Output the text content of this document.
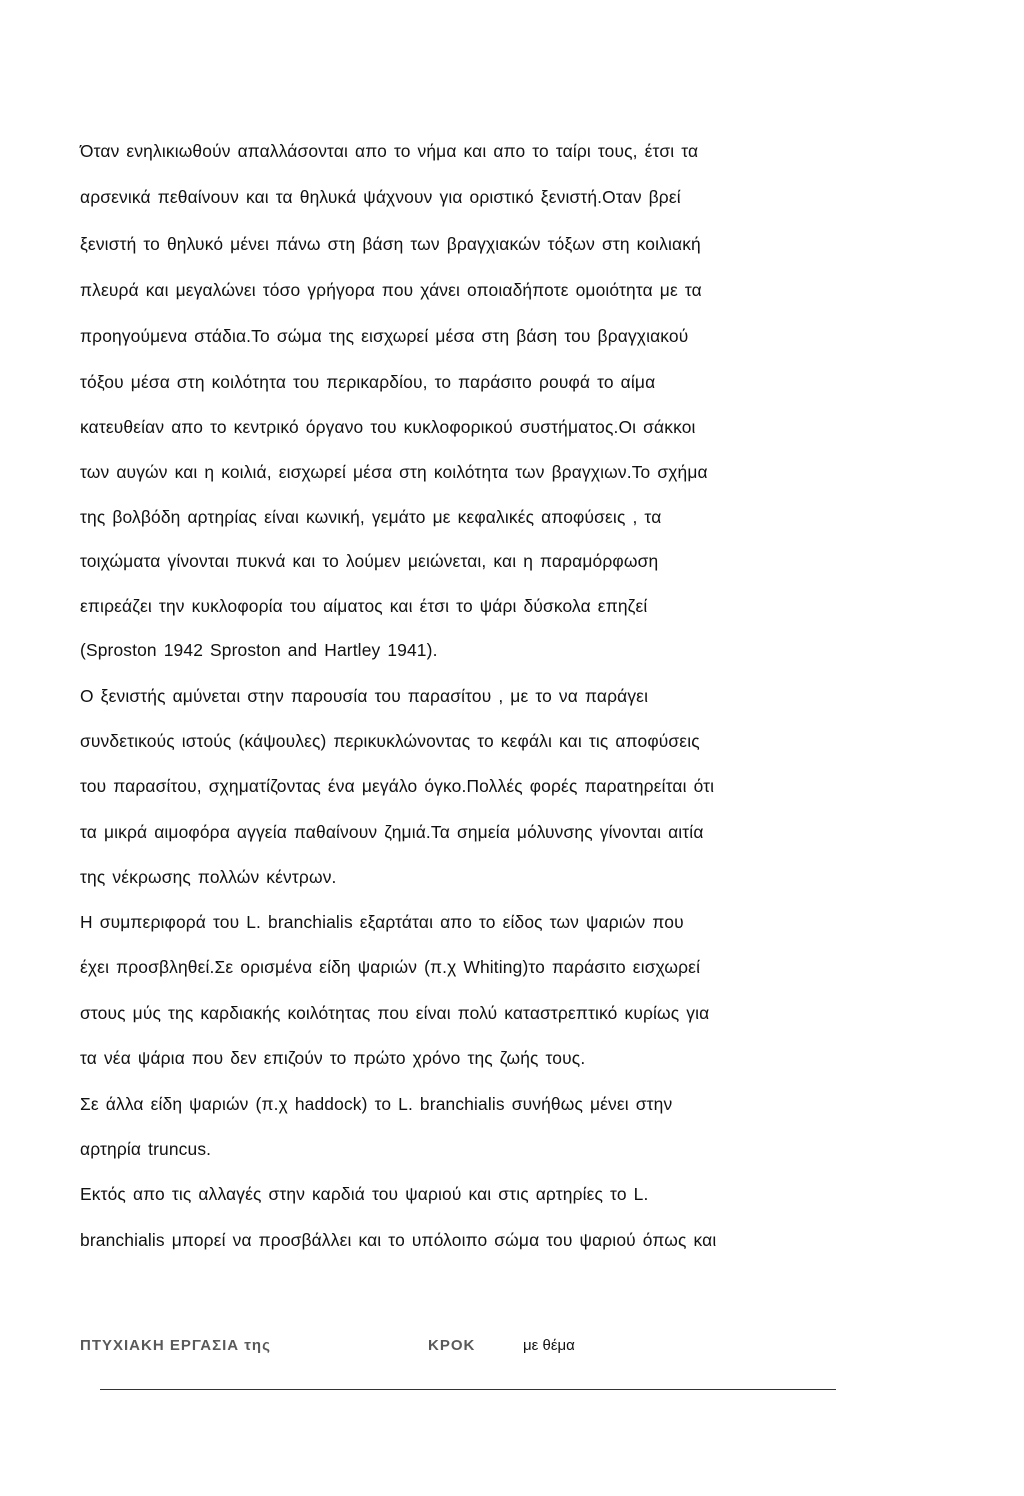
Όταν ενηλικιωθούν απαλλάσονται απο το νήμα και απο το ταίρι τους, έτσι τα
αρσενικά πεθαίνουν και τα θηλυκά ψάχνουν για οριστικό ξενιστή.Οταν βρεί
ξενιστή το θηλυκό μένει πάνω στη βάση των βραγχιακών τόξων στη κοιλιακή
πλευρά και μεγαλώνει τόσο γρήγορα που χάνει οποιαδήποτε ομοιότητα με τα
προηγούμενα στάδια.Το σώμα της εισχωρεί μέσα στη βάση του βραγχιακού
τόξου μέσα στη κοιλότητα του περικαρδίου, το παράσιτο ρουφά το αίμα
κατευθείαν απο το κεντρικό όργανο του κυκλοφορικού συστήματος.Οι σάκκοι
των αυγών και η κοιλιά, εισχωρεί μέσα στη κοιλότητα των βραγχιων.Το σχήμα
της βολβόδη αρτηρίας είναι κωνική, γεμάτο με κεφαλικές αποφύσεις , τα
τοιχώματα γίνονται πυκνά και το λούμεν μειώνεται, και η παραμόρφωση
επιρεάζει την κυκλοφορία του αίματος και έτσι το ψάρι δύσκολα επηζεί
(Sproston 1942 Sproston and Hartley 1941).
Ο ξενιστής αμύνεται στην παρουσία του παρασίτου , με το να παράγει
συνδετικούς ιστούς (κάψουλες) περικυκλώνοντας το κεφάλι και τις αποφύσεις
του παρασίτου, σχηματίζοντας ένα μεγάλο όγκο.Πολλές φορές παρατηρείται ότι
τα μικρά αιμοφόρα αγγεία παθαίνουν ζημιά.Τα σημεία μόλυνσης γίνονται αιτία
της νέκρωσης πολλών κέντρων.
Η συμπεριφορά του L. branchialis εξαρτάται απο το είδος των ψαριών που
έχει προσβληθεί.Σε ορισμένα είδη ψαριών (π.χ Whiting)το παράσιτο εισχωρεί
στους μύς της καρδιακής κοιλότητας που είναι πολύ καταστρεπτικό κυρίως για
τα νέα ψάρια που δεν επιζούν το πρώτο χρόνο της ζωής τους.
Σε άλλα είδη ψαριών (π.χ haddock) το L. branchialis συνήθως μένει στην
αρτηρία truncus.
Εκτός απο τις αλλαγές στην καρδιά του ψαριού και στις αρτηρίες το L.
branchialis μπορεί να προσβάλλει και το υπόλοιπο σώμα του ψαριού όπως και
ΠΤΥΧΙΑΚΗ ΕΡΓΑΣΙΑ της	ΚΡΟΚ	με θέμα
